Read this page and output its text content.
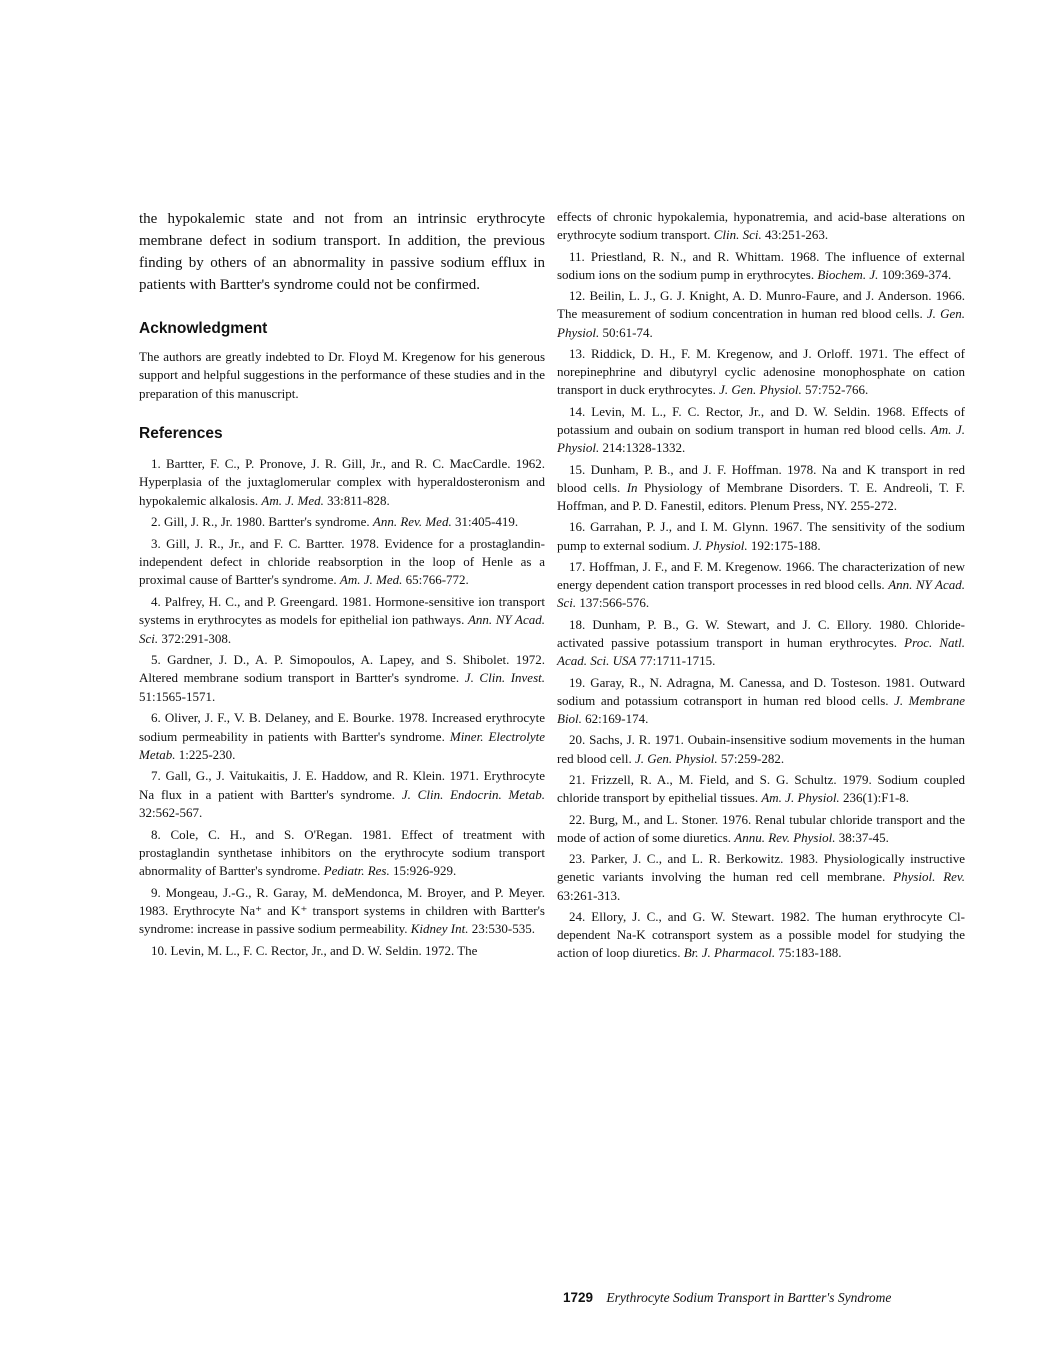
the hypokalemic state and not from an intrinsic erythrocyte membrane defect in sodium transport. In addition, the previous finding by others of an abnormality in passive sodium efflux in patients with Bartter's syndrome could not be confirmed.

Acknowledgment

The authors are greatly indebted to Dr. Floyd M. Kregenow for his generous support and helpful suggestions in the performance of these studies and in the preparation of this manuscript.

References

1. Bartter, F. C., P. Pronove, J. R. Gill, Jr., and R. C. MacCardle. 1962. Hyperplasia of the juxtaglomerular complex with hyperaldosteronism and hypokalemic alkalosis. Am. J. Med. 33:811-828.

2. Gill, J. R., Jr. 1980. Bartter's syndrome. Ann. Rev. Med. 31:405-419.

3. Gill, J. R., Jr., and F. C. Bartter. 1978. Evidence for a prostaglandin-independent defect in chloride reabsorption in the loop of Henle as a proximal cause of Bartter's syndrome. Am. J. Med. 65:766-772.

4. Palfrey, H. C., and P. Greengard. 1981. Hormone-sensitive ion transport systems in erythrocytes as models for epithelial ion pathways. Ann. NY Acad. Sci. 372:291-308.

5. Gardner, J. D., A. P. Simopoulos, A. Lapey, and S. Shibolet. 1972. Altered membrane sodium transport in Bartter's syndrome. J. Clin. Invest. 51:1565-1571.

6. Oliver, J. F., V. B. Delaney, and E. Bourke. 1978. Increased erythrocyte sodium permeability in patients with Bartter's syndrome. Miner. Electrolyte Metab. 1:225-230.

7. Gall, G., J. Vaitukaitis, J. E. Haddow, and R. Klein. 1971. Erythrocyte Na flux in a patient with Bartter's syndrome. J. Clin. Endocrin. Metab. 32:562-567.

8. Cole, C. H., and S. O'Regan. 1981. Effect of treatment with prostaglandin synthetase inhibitors on the erythrocyte sodium transport abnormality of Bartter's syndrome. Pediatr. Res. 15:926-929.

9. Mongeau, J.-G., R. Garay, M. deMendonca, M. Broyer, and P. Meyer. 1983. Erythrocyte Na⁺ and K⁺ transport systems in children with Bartter's syndrome: increase in passive sodium permeability. Kidney Int. 23:530-535.

10. Levin, M. L., F. C. Rector, Jr., and D. W. Seldin. 1972. The

effects of chronic hypokalemia, hyponatremia, and acid-base alterations on erythrocyte sodium transport. Clin. Sci. 43:251-263.

11. Priestland, R. N., and R. Whittam. 1968. The influence of external sodium ions on the sodium pump in erythrocytes. Biochem. J. 109:369-374.

12. Beilin, L. J., G. J. Knight, A. D. Munro-Faure, and J. Anderson. 1966. The measurement of sodium concentration in human red blood cells. J. Gen. Physiol. 50:61-74.

13. Riddick, D. H., F. M. Kregenow, and J. Orloff. 1971. The effect of norepinephrine and dibutyryl cyclic adenosine monophosphate on cation transport in duck erythrocytes. J. Gen. Physiol. 57:752-766.

14. Levin, M. L., F. C. Rector, Jr., and D. W. Seldin. 1968. Effects of potassium and oubain on sodium transport in human red blood cells. Am. J. Physiol. 214:1328-1332.

15. Dunham, P. B., and J. F. Hoffman. 1978. Na and K transport in red blood cells. In Physiology of Membrane Disorders. T. E. Andreoli, T. F. Hoffman, and P. D. Fanestil, editors. Plenum Press, NY. 255-272.

16. Garrahan, P. J., and I. M. Glynn. 1967. The sensitivity of the sodium pump to external sodium. J. Physiol. 192:175-188.

17. Hoffman, J. F., and F. M. Kregenow. 1966. The characterization of new energy dependent cation transport processes in red blood cells. Ann. NY Acad. Sci. 137:566-576.

18. Dunham, P. B., G. W. Stewart, and J. C. Ellory. 1980. Chloride-activated passive potassium transport in human erythrocytes. Proc. Natl. Acad. Sci. USA 77:1711-1715.

19. Garay, R., N. Adragna, M. Canessa, and D. Tosteson. 1981. Outward sodium and potassium cotransport in human red blood cells. J. Membrane Biol. 62:169-174.

20. Sachs, J. R. 1971. Oubain-insensitive sodium movements in the human red blood cell. J. Gen. Physiol. 57:259-282.

21. Frizzell, R. A., M. Field, and S. G. Schultz. 1979. Sodium coupled chloride transport by epithelial tissues. Am. J. Physiol. 236(1):F1-8.

22. Burg, M., and L. Stoner. 1976. Renal tubular chloride transport and the mode of action of some diuretics. Annu. Rev. Physiol. 38:37-45.

23. Parker, J. C., and L. R. Berkowitz. 1983. Physiologically instructive genetic variants involving the human red cell membrane. Physiol. Rev. 63:261-313.

24. Ellory, J. C., and G. W. Stewart. 1982. The human erythrocyte Cl-dependent Na-K cotransport system as a possible model for studying the action of loop diuretics. Br. J. Pharmacol. 75:183-188.

1729 Erythrocyte Sodium Transport in Bartter's Syndrome
